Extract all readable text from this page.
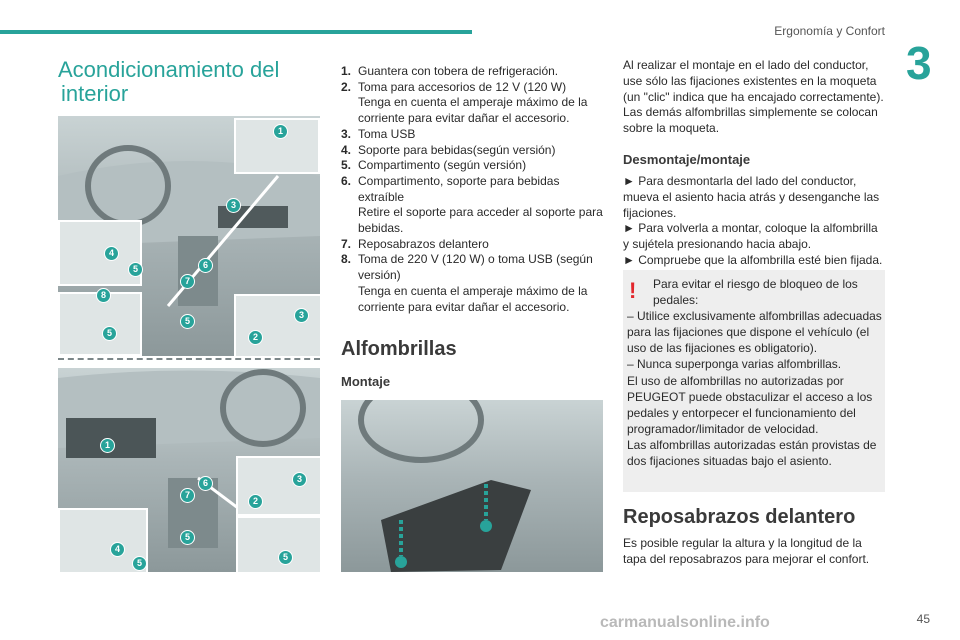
Ergonomía y Confort
3
Acondicionamiento del
interior
1
3
4
5	6
7
8
5
5
3
2
1
6
7
3
2
5
4
5
5
1. Guantera con tobera de refrigeración.
2. Toma para accesorios de 12 V (120 W)
Tenga en cuenta el amperaje máximo de la corriente para evitar dañar el accesorio.
3. Toma USB
4. Soporte para bebidas(según versión)
5. Compartimento (según versión)
6. Compartimento, soporte para bebidas extraíble
Retire el soporte para acceder al soporte para bebidas.
7. Reposabrazos delantero
8. Toma de 220 V (120 W) o toma USB (según versión)
Tenga en cuenta el amperaje máximo de la corriente para evitar dañar el accesorio.
Alfombrillas
Montaje
Al realizar el montaje en el lado del conductor, use sólo las fijaciones existentes en la moqueta (un "clic" indica que ha encajado correctamente). Las demás alfombrillas simplemente se colocan sobre la moqueta.
Desmontaje/montaje
► Para desmontarla del lado del conductor, mueva el asiento hacia atrás y desenganche las fijaciones.
► Para volverla a montar, coloque la alfombrilla y sujétela presionando hacia abajo.
► Compruebe que la alfombrilla esté bien fijada.
!	Para evitar el riesgo de bloqueo de los pedales:
– Utilice exclusivamente alfombrillas adecuadas para las fijaciones que dispone el vehículo (el uso de las fijaciones es obligatorio).
– Nunca superponga varias alfombrillas.
El uso de alfombrillas no autorizadas por PEUGEOT puede obstaculizar el acceso a los pedales y entorpecer el funcionamiento del programador/limitador de velocidad.
Las alfombrillas autorizadas están provistas de dos fijaciones situadas bajo el asiento.
Reposabrazos delantero
Es posible regular la altura y la longitud de la tapa del reposabrazos para mejorar el confort.
45
carmanualsonline.info
